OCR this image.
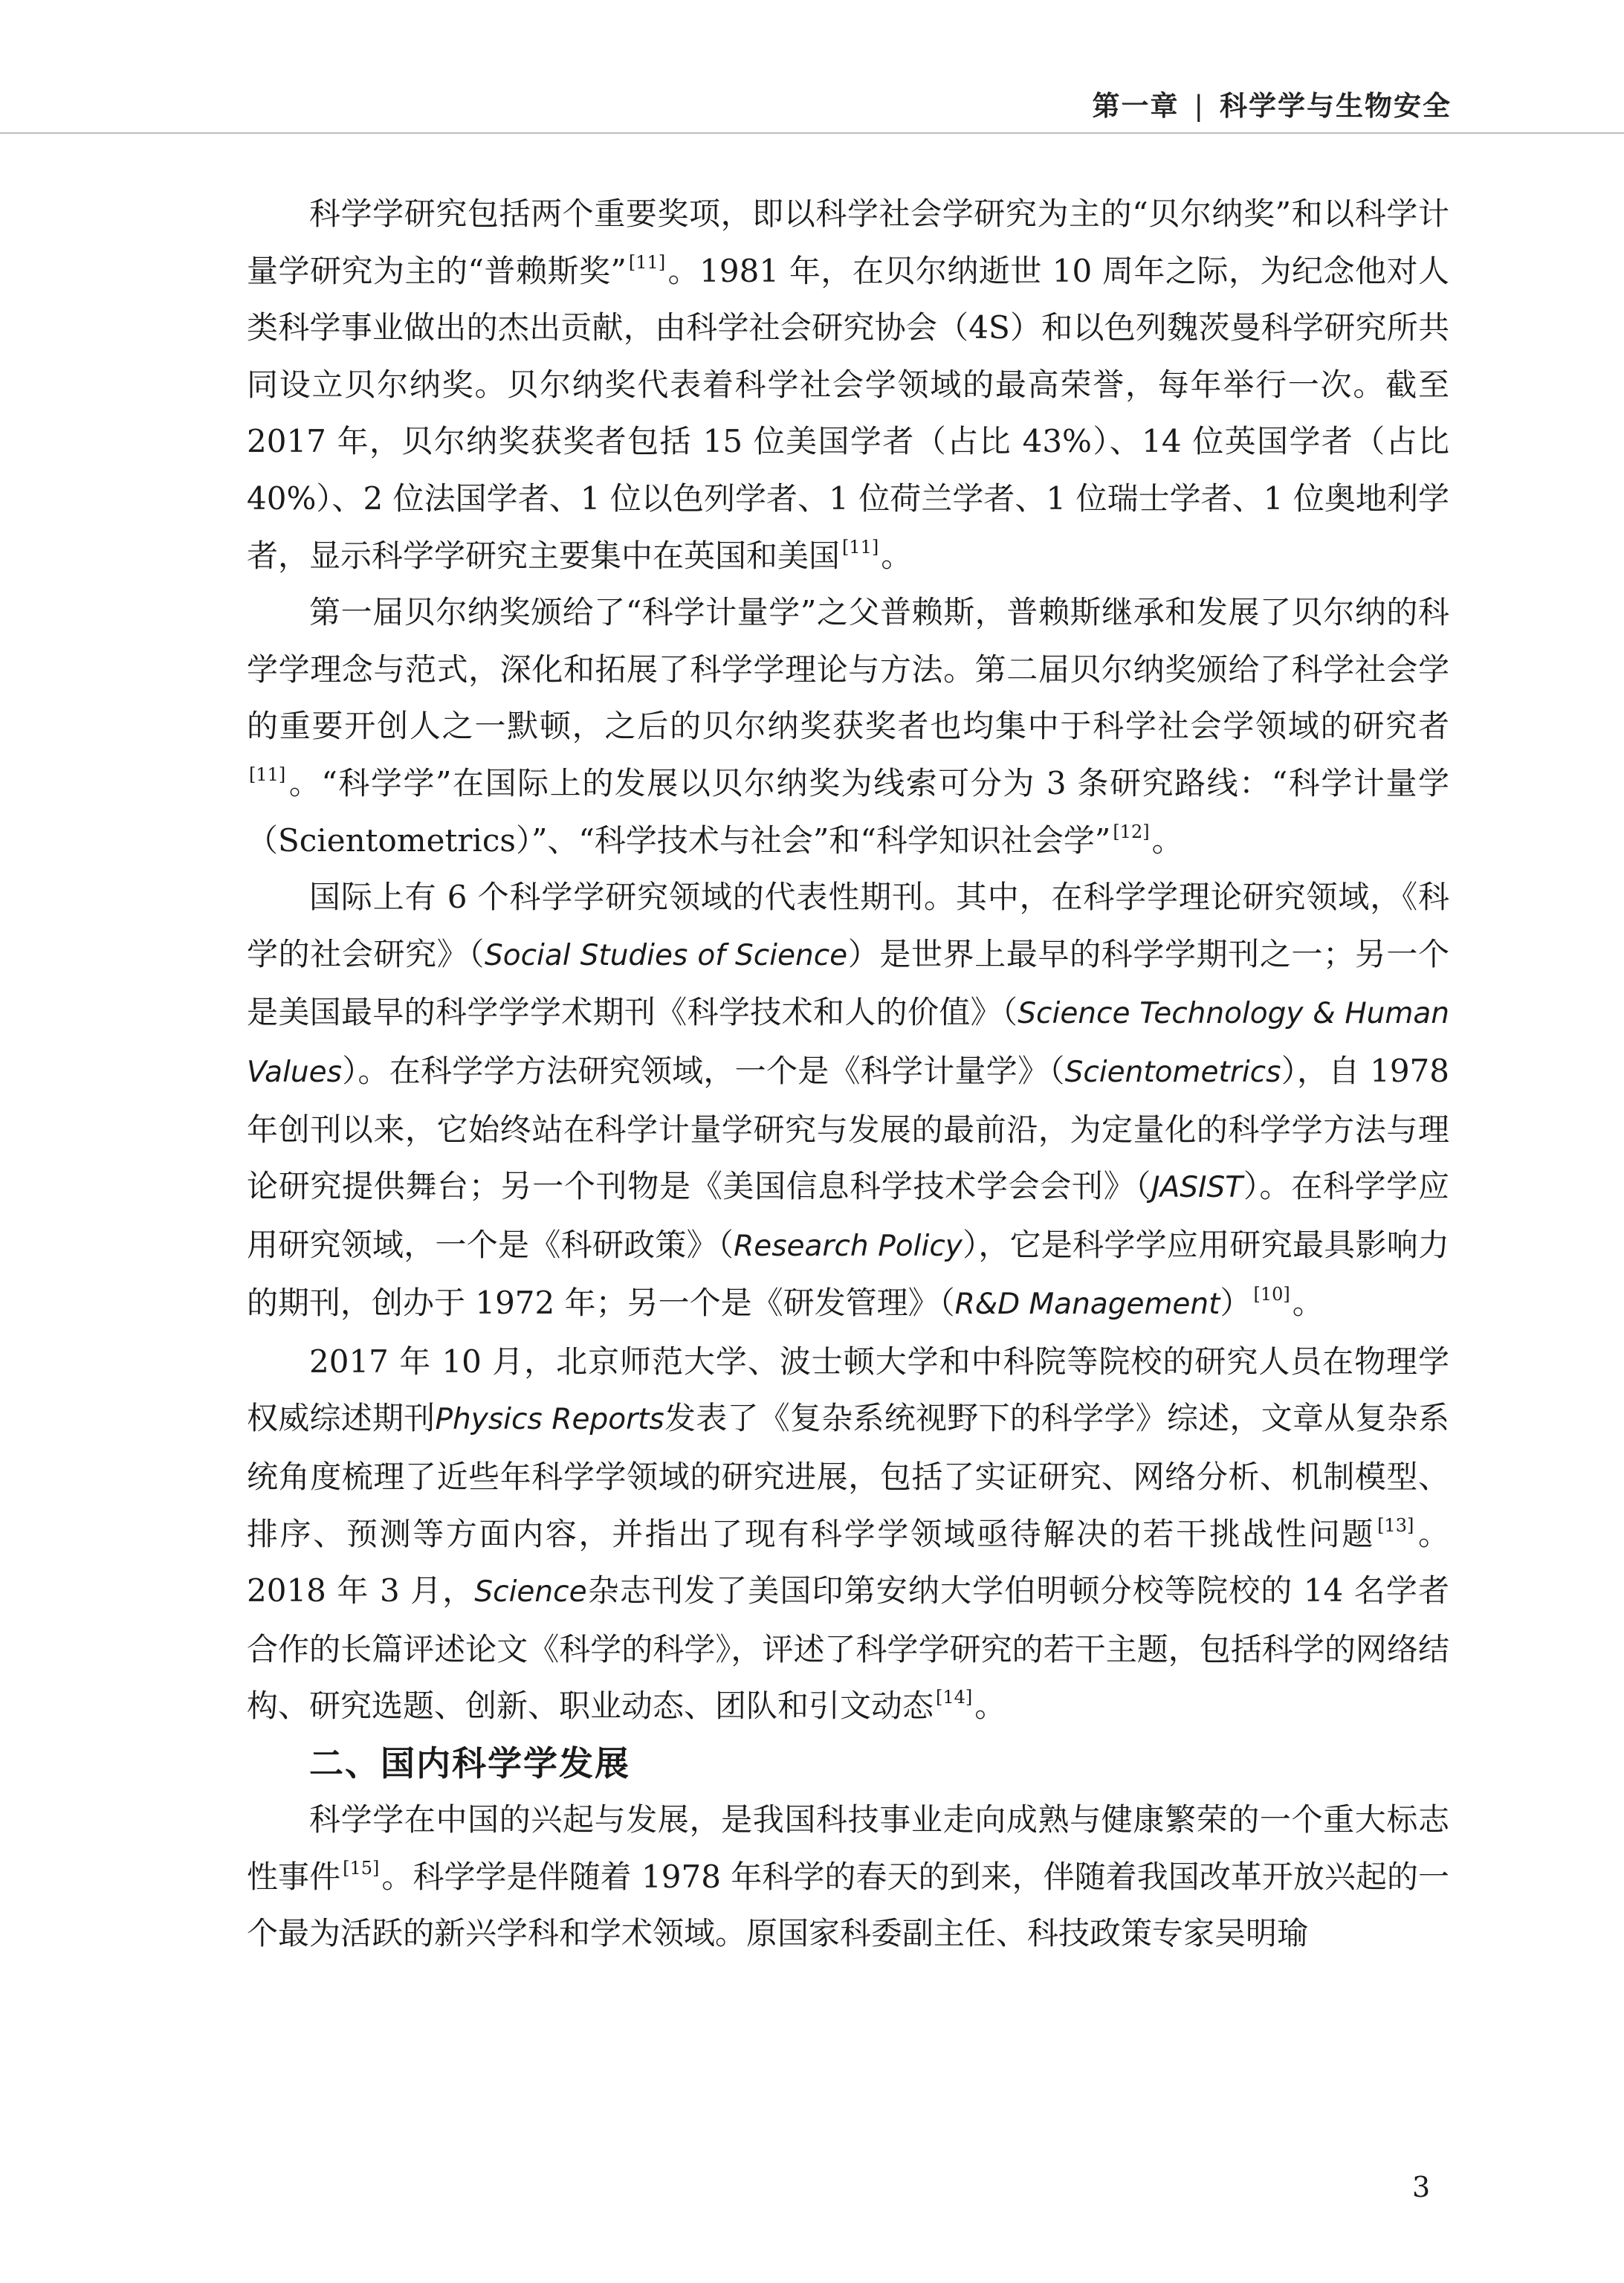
第一章 | 科学学与生物安全

科学学研究包括两个重要奖项，即以科学社会学研究为主的“贝尔纳奖”和以科学计量学研究为主的“普赖斯奖” [11]。1981 年，在贝尔纳逝世 10 周年之际，为纪念他对人类科学事业做出的杰出贡献，由科学社会研究协会（4S）和以色列魏茨曼科学研究所共同设立贝尔纳奖。贝尔纳奖代表着科学社会学领域的最高荣誉，每年举行一次。截至 2017 年，贝尔纳奖获奖者包括 15 位美国学者（占比 43%）、14 位英国学者（占比 40%）、2 位法国学者、1 位以色列学者、1 位荷兰学者、1 位瑞士学者、1 位奥地利学者，显示科学学研究主要集中在英国和美国 [11]。

第一届贝尔纳奖颁给了“科学计量学”之父普赖斯，普赖斯继承和发展了贝尔纳的科学学理念与范式，深化和拓展了科学学理论与方法。第二届贝尔纳奖颁给了科学社会学的重要开创人之一默顿，之后的贝尔纳奖获奖者也均集中于科学社会学领域的研究者[11]。“科学学”在国际上的发展以贝尔纳奖为线索可分为 3 条研究路线：“科学计量学（Scientometrics）”、“科学技术与社会”和“科学知识社会学” [12]。

国际上有 6 个科学学研究领域的代表性期刊。其中，在科学学理论研究领域，《科学的社会研究》（Social Studies of Science）是世界上最早的科学学期刊之一；另一个是美国最早的科学学学术期刊《科学技术和人的价值》（Science Technology & Human Values）。在科学学方法研究领域，一个是《科学计量学》（Scientometrics），自 1978 年创刊以来，它始终站在科学计量学研究与发展的最前沿，为定量化的科学学方法与理论研究提供舞台；另一个刊物是《美国信息科学技术学会会刊》（JASIST）。在科学学应用研究领域，一个是《科研政策》（Research Policy），它是科学学应用研究最具影响力的期刊，创办于 1972 年；另一个是《研发管理》（R&D Management） [10]。

2017 年 10 月，北京师范大学、波士顿大学和中科院等院校的研究人员在物理学权威综述期刊Physics Reports发表了《复杂系统视野下的科学学》综述，文章从复杂系统角度梳理了近些年科学学领域的研究进展，包括了实证研究、网络分析、机制模型、排序、预测等方面内容，并指出了现有科学学领域亟待解决的若干挑战性问题 [13]。2018 年 3 月，Science杂志刊发了美国印第安纳大学伯明顿分校等院校的 14 名学者合作的长篇评述论文《科学的科学》，评述了科学学研究的若干主题，包括科学的网络结构、研究选题、创新、职业动态、团队和引文动态 [14]。

二、国内科学学发展

科学学在中国的兴起与发展，是我国科技事业走向成熟与健康繁荣的一个重大标志性事件 [15]。科学学是伴随着 1978 年科学的春天的到来，伴随着我国改革开放兴起的一个最为活跃的新兴学科和学术领域。原国家科委副主任、科技政策专家吴明瑜

3
